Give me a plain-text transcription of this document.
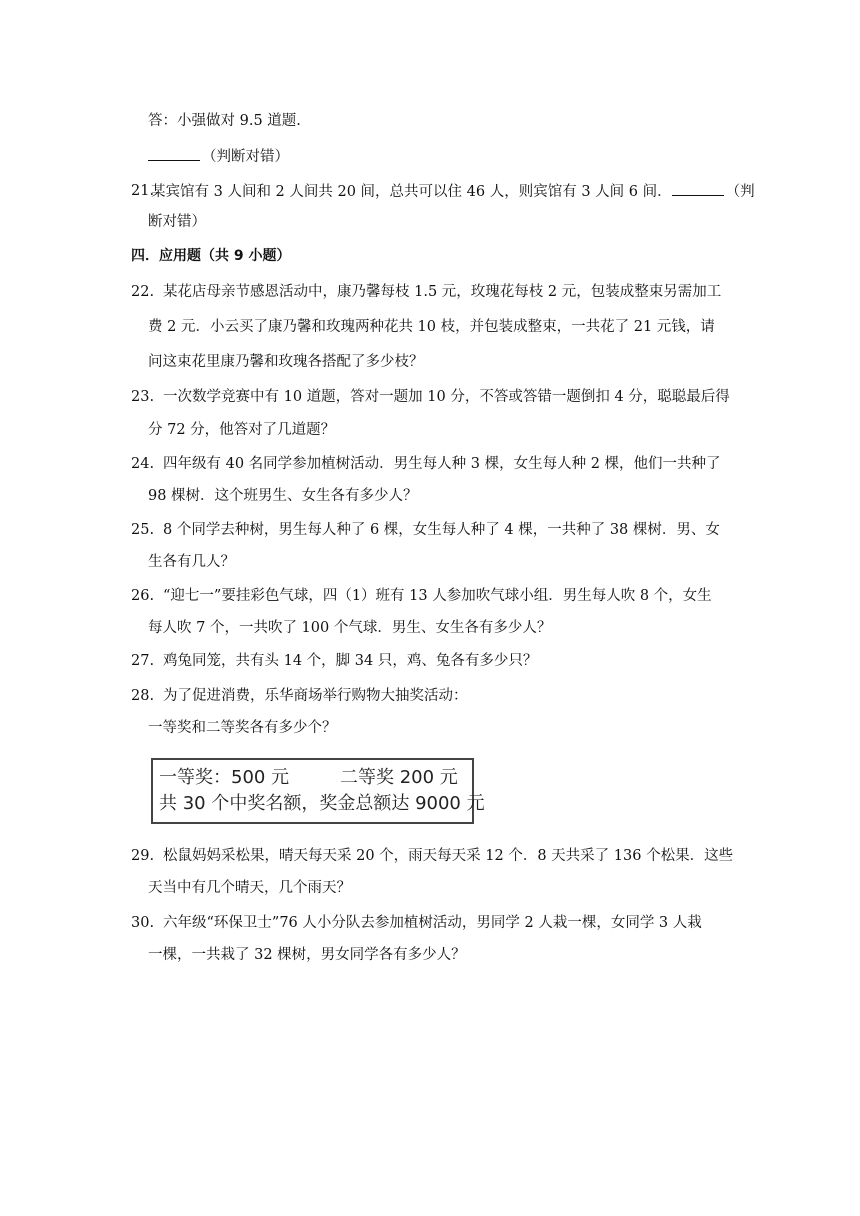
答：小强做对 9.5 道题.
（判断对错）
21.
某宾馆有 3 人间和 2 人间共 20 间，总共可以住 46 人，则宾馆有 3 人间 6 间．	（判
断对错）
四．应用题（共 9 小题）
22. 某花店母亲节感恩活动中，康乃馨每枝 1.5 元，玫瑰花每枝 2 元，包装成整束另需加工
费 2 元．小云买了康乃馨和玫瑰两种花共 10 枝，并包装成整束，一共花了 21 元钱，请
问这束花里康乃馨和玫瑰各搭配了多少枝？
23. 一次数学竞赛中有 10 道题，答对一题加 10 分，不答或答错一题倒扣 4 分，聪聪最后得
分 72 分，他答对了几道题？
24. 四年级有 40 名同学参加植树活动．男生每人种 3 棵，女生每人种 2 棵，他们一共种了
98 棵树．这个班男生、女生各有多少人？
25. 8 个同学去种树，男生每人种了 6 棵，女生每人种了 4 棵，一共种了 38 棵树．男、女
生各有几人？
26. “迎七一”要挂彩色气球，四（1）班有 13 人参加吹气球小组．男生每人吹 8 个，女生
每人吹 7 个，一共吹了 100 个气球．男生、女生各有多少人？
27. 鸡兔同笼，共有头 14 个，脚 34 只，鸡、兔各有多少只？
28. 为了促进消费，乐华商场举行购物大抽奖活动：
一等奖和二等奖各有多少个？
一等奖：500 元	二等奖 200 元
共 30 个中奖名额，奖金总额达 9000 元
29. 松鼠妈妈采松果，晴天每天采 20 个，雨天每天采 12 个．8 天共采了 136 个松果．这些
天当中有几个晴天，几个雨天？
30. 六年级“环保卫士”76 人小分队去参加植树活动，男同学 2 人栽一棵，女同学 3 人栽
一棵，一共栽了 32 棵树，男女同学各有多少人？
